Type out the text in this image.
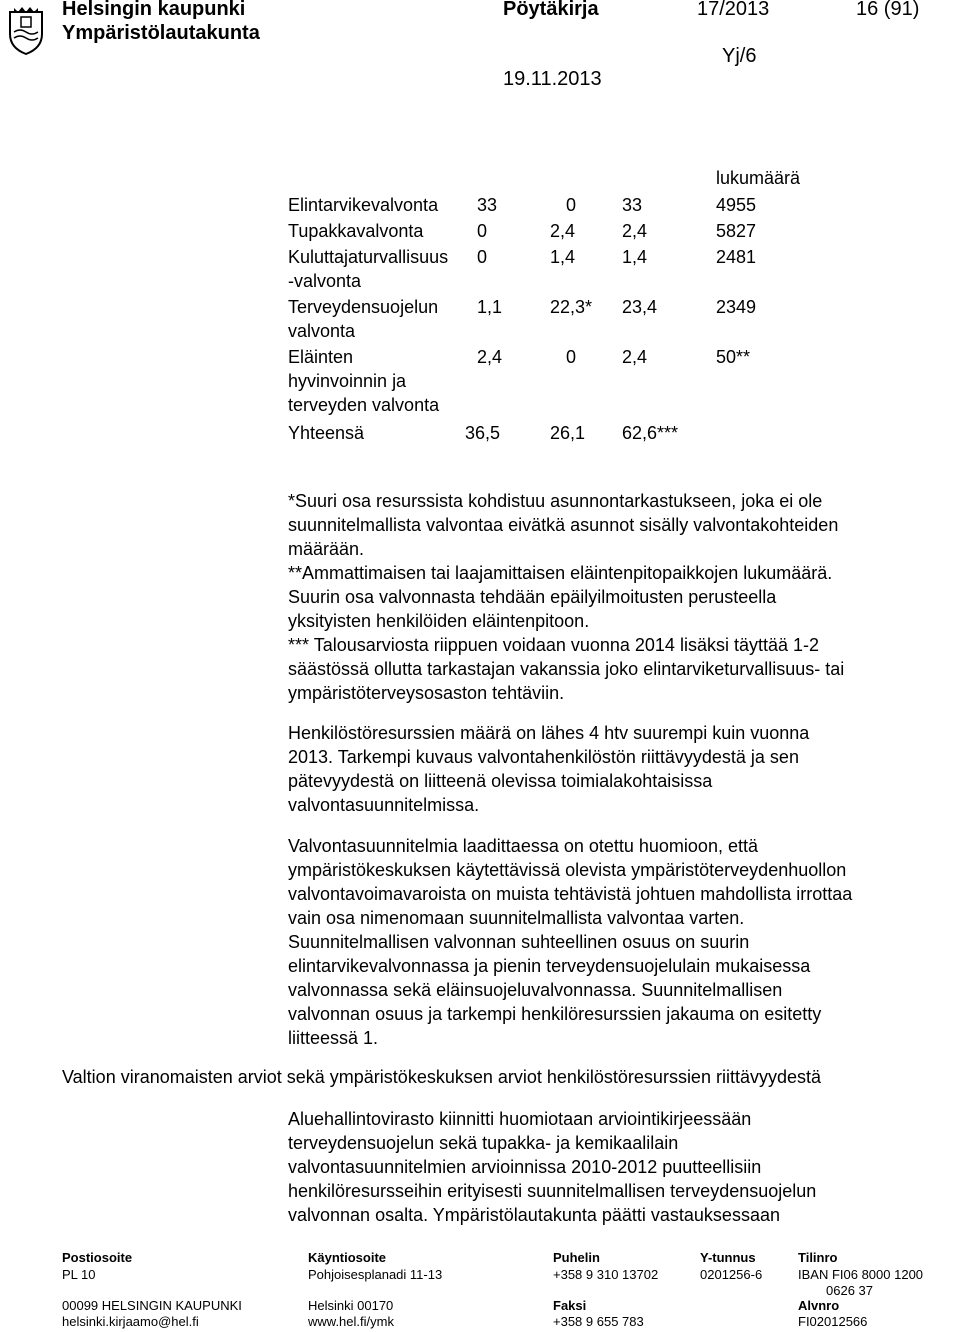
Helsingin kaupunki
Ympäristölautakunta
Pöytäkirja	17/2013	16 (91)
Yj/6
19.11.2013
lukumäärä
Elintarvikevalvonta 33	0	33	4955
Tupakkavalvonta	0	2,4	2,4	5827
Kuluttajaturvallisuus
-valvonta
0	1,4	1,4	2481
Terveydensuojelun
valvonta
1,1	22,3* 23,4	2349
Eläinten
hyvinvoinnin ja
terveyden valvonta
2,4	0	2,4	50**
Yhteensä	36,5	26,1 62,6***
*Suuri osa resurssista kohdistuu asunnontarkastukseen, joka ei ole
suunnitelmallista valvontaa eivätkä asunnot sisälly valvontakohteiden
määrään.
**Ammattimaisen tai laajamittaisen eläintenpitopaikkojen lukumäärä.
Suurin osa valvonnasta tehdään epäilyilmoitusten perusteella
yksityisten henkilöiden eläintenpitoon.
*** Talousarviosta riippuen voidaan vuonna 2014 lisäksi täyttää 1-2
säästössä ollutta tarkastajan vakanssia joko elintarviketurvallisuus- tai
ympäristöterveysosaston tehtäviin.
Henkilöstöresurssien määrä on lähes 4 htv suurempi kuin vuonna
2013. Tarkempi kuvaus valvontahenkilöstön riittävyydestä ja sen
pätevyydestä on liitteenä olevissa toimialakohtaisissa
valvontasuunnitelmissa.
Valvontasuunnitelmia laadittaessa on otettu huomioon, että
ympäristökeskuksen käytettävissä olevista ympäristöterveydenhuollon
valvontavoimavaroista on muista tehtävistä johtuen mahdollista irrottaa
vain osa nimenomaan suunnitelmallista valvontaa varten.
Suunnitelmallisen valvonnan suhteellinen osuus on suurin
elintarvikevalvonnassa ja pienin terveydensuojelulain mukaisessa
valvonnassa sekä eläinsuojeluvalvonnassa. Suunnitelmallisen
valvonnan osuus ja tarkempi henkilöresurssien jakauma on esitetty
liitteessä 1.
Valtion viranomaisten arviot sekä ympäristökeskuksen arviot henkilöstöresurssien riittävyydestä
Aluehallintovirasto kiinnitti huomiotaan arviointikirjeessään
terveydensuojelun sekä tupakka- ja kemikaalilain
valvontasuunnitelmien arvioinnissa 2010-2012 puutteellisiin
henkilöresursseihin erityisesti suunnitelmallisen terveydensuojelun
valvonnan osalta. Ympäristölautakunta päätti vastauksessaan
Postiosoite
PL 10
00099 HELSINGIN KAUPUNKI
helsinki.kirjaamo@hel.fi
Käyntiosoite
Pohjoisesplanadi 11-13
Helsinki 00170
www.hel.fi/ymk
Puhelin
+358 9 310 13702
Faksi
+358 9 655 783
Y-tunnus
0201256-6
Tilinro
IBAN FI06 8000 1200
0626 37
Alvnro
FI02012566
